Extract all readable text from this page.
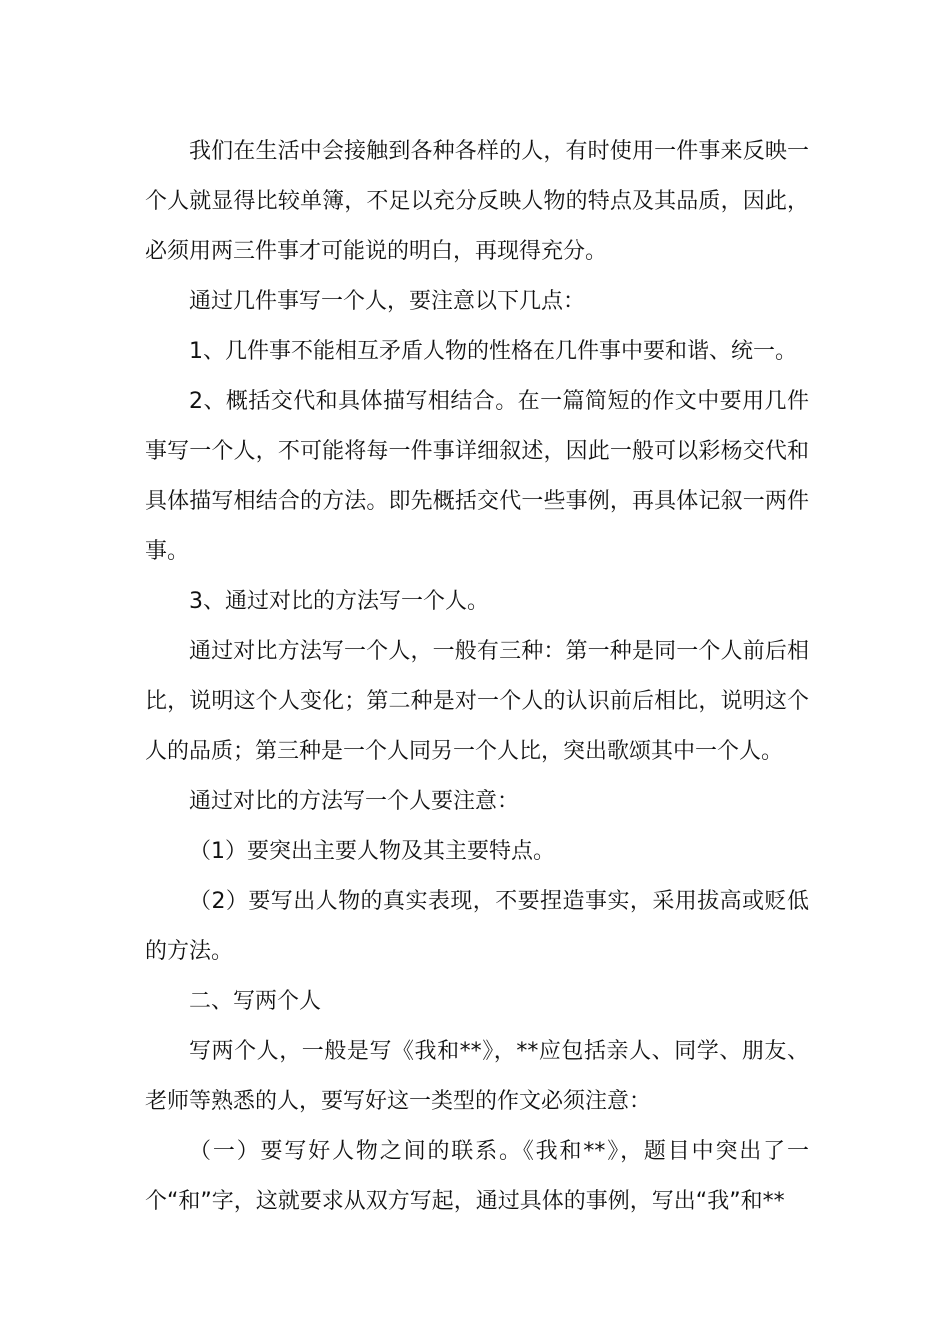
我们在生活中会接触到各种各样的人，有时使用一件事来反映一个人就显得比较单簿，不足以充分反映人物的特点及其品质，因此，必须用两三件事才可能说的明白，再现得充分。

通过几件事写一个人，要注意以下几点：

1、几件事不能相互矛盾人物的性格在几件事中要和谐、统一。

2、概括交代和具体描写相结合。在一篇简短的作文中要用几件事写一个人，不可能将每一件事详细叙述，因此一般可以彩杨交代和具体描写相结合的方法。即先概括交代一些事例，再具体记叙一两件事。

3、通过对比的方法写一个人。

通过对比方法写一个人，一般有三种：第一种是同一个人前后相比，说明这个人变化；第二种是对一个人的认识前后相比，说明这个人的品质；第三种是一个人同另一个人比，突出歌颂其中一个人。

通过对比的方法写一个人要注意：

（1）要突出主要人物及其主要特点。

（2）要写出人物的真实表现，不要捏造事实，采用拔高或贬低的方法。

二、写两个人

写两个人，一般是写《我和**》，**应包括亲人、同学、朋友、老师等熟悉的人，要写好这一类型的作文必须注意：

（一）要写好人物之间的联系。《我和**》，题目中突出了一个“和”字，这就要求从双方写起，通过具体的事例，写出“我”和**
